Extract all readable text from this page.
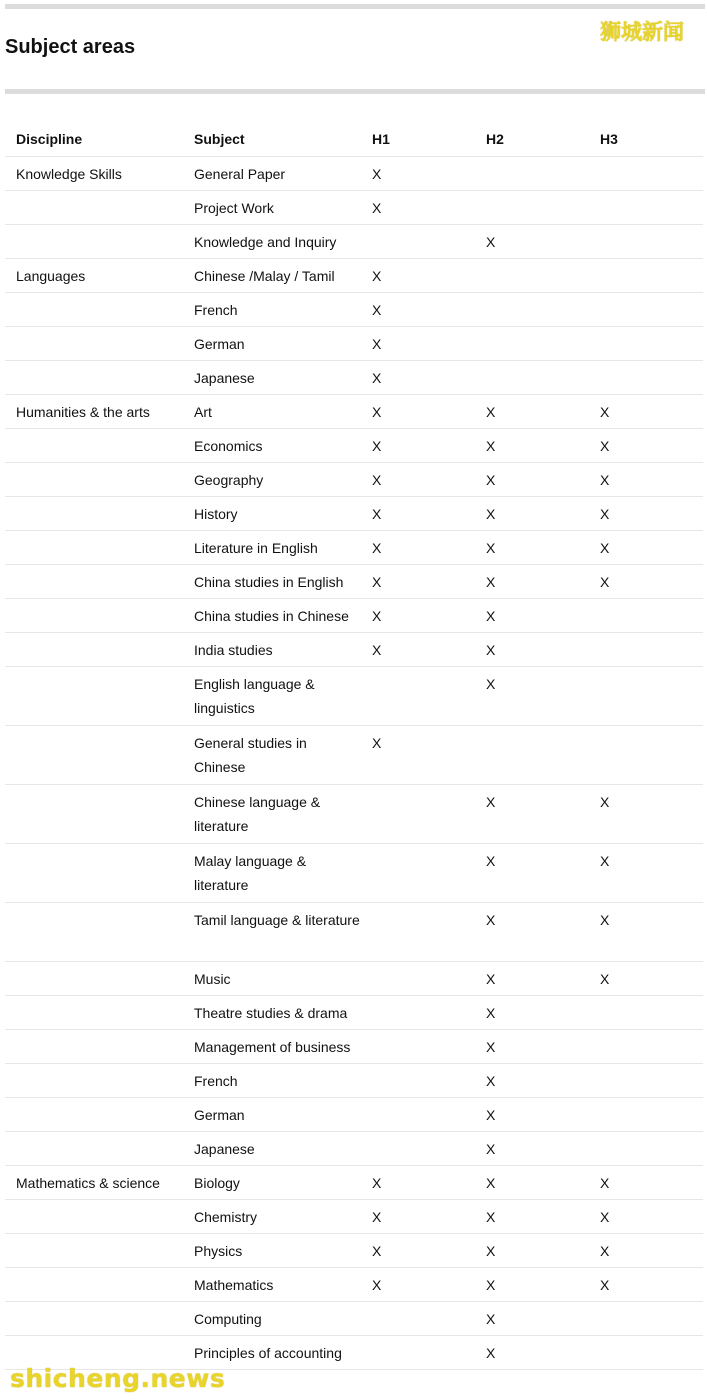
Subject areas
狮城新闻
Discipline	Subject	H1	H2	H3
Knowledge Skills	General Paper	X		
	Project Work	X		
	Knowledge and Inquiry		X	
Languages	Chinese /Malay / Tamil	X		
	French	X		
	German	X		
	Japanese	X		
Humanities & the arts	Art	X	X	X
	Economics	X	X	X
	Geography	X	X	X
	History	X	X	X
	Literature in English	X	X	X
	China studies in English	X	X	X
	China studies in Chinese	X	X	
	India studies	X	X	
	English language & linguistics		X	
	General studies in Chinese	X		
	Chinese language & literature		X	X
	Malay language & literature		X	X
	Tamil language & literature		X	X
	Music		X	X
	Theatre studies & drama		X	
	Management of business		X	
	French		X	
	German		X	
	Japanese		X	
Mathematics & science	Biology	X	X	X
	Chemistry	X	X	X
	Physics	X	X	X
	Mathematics	X	X	X
	Computing		X	
	Principles of accounting		X	
shicheng.news
